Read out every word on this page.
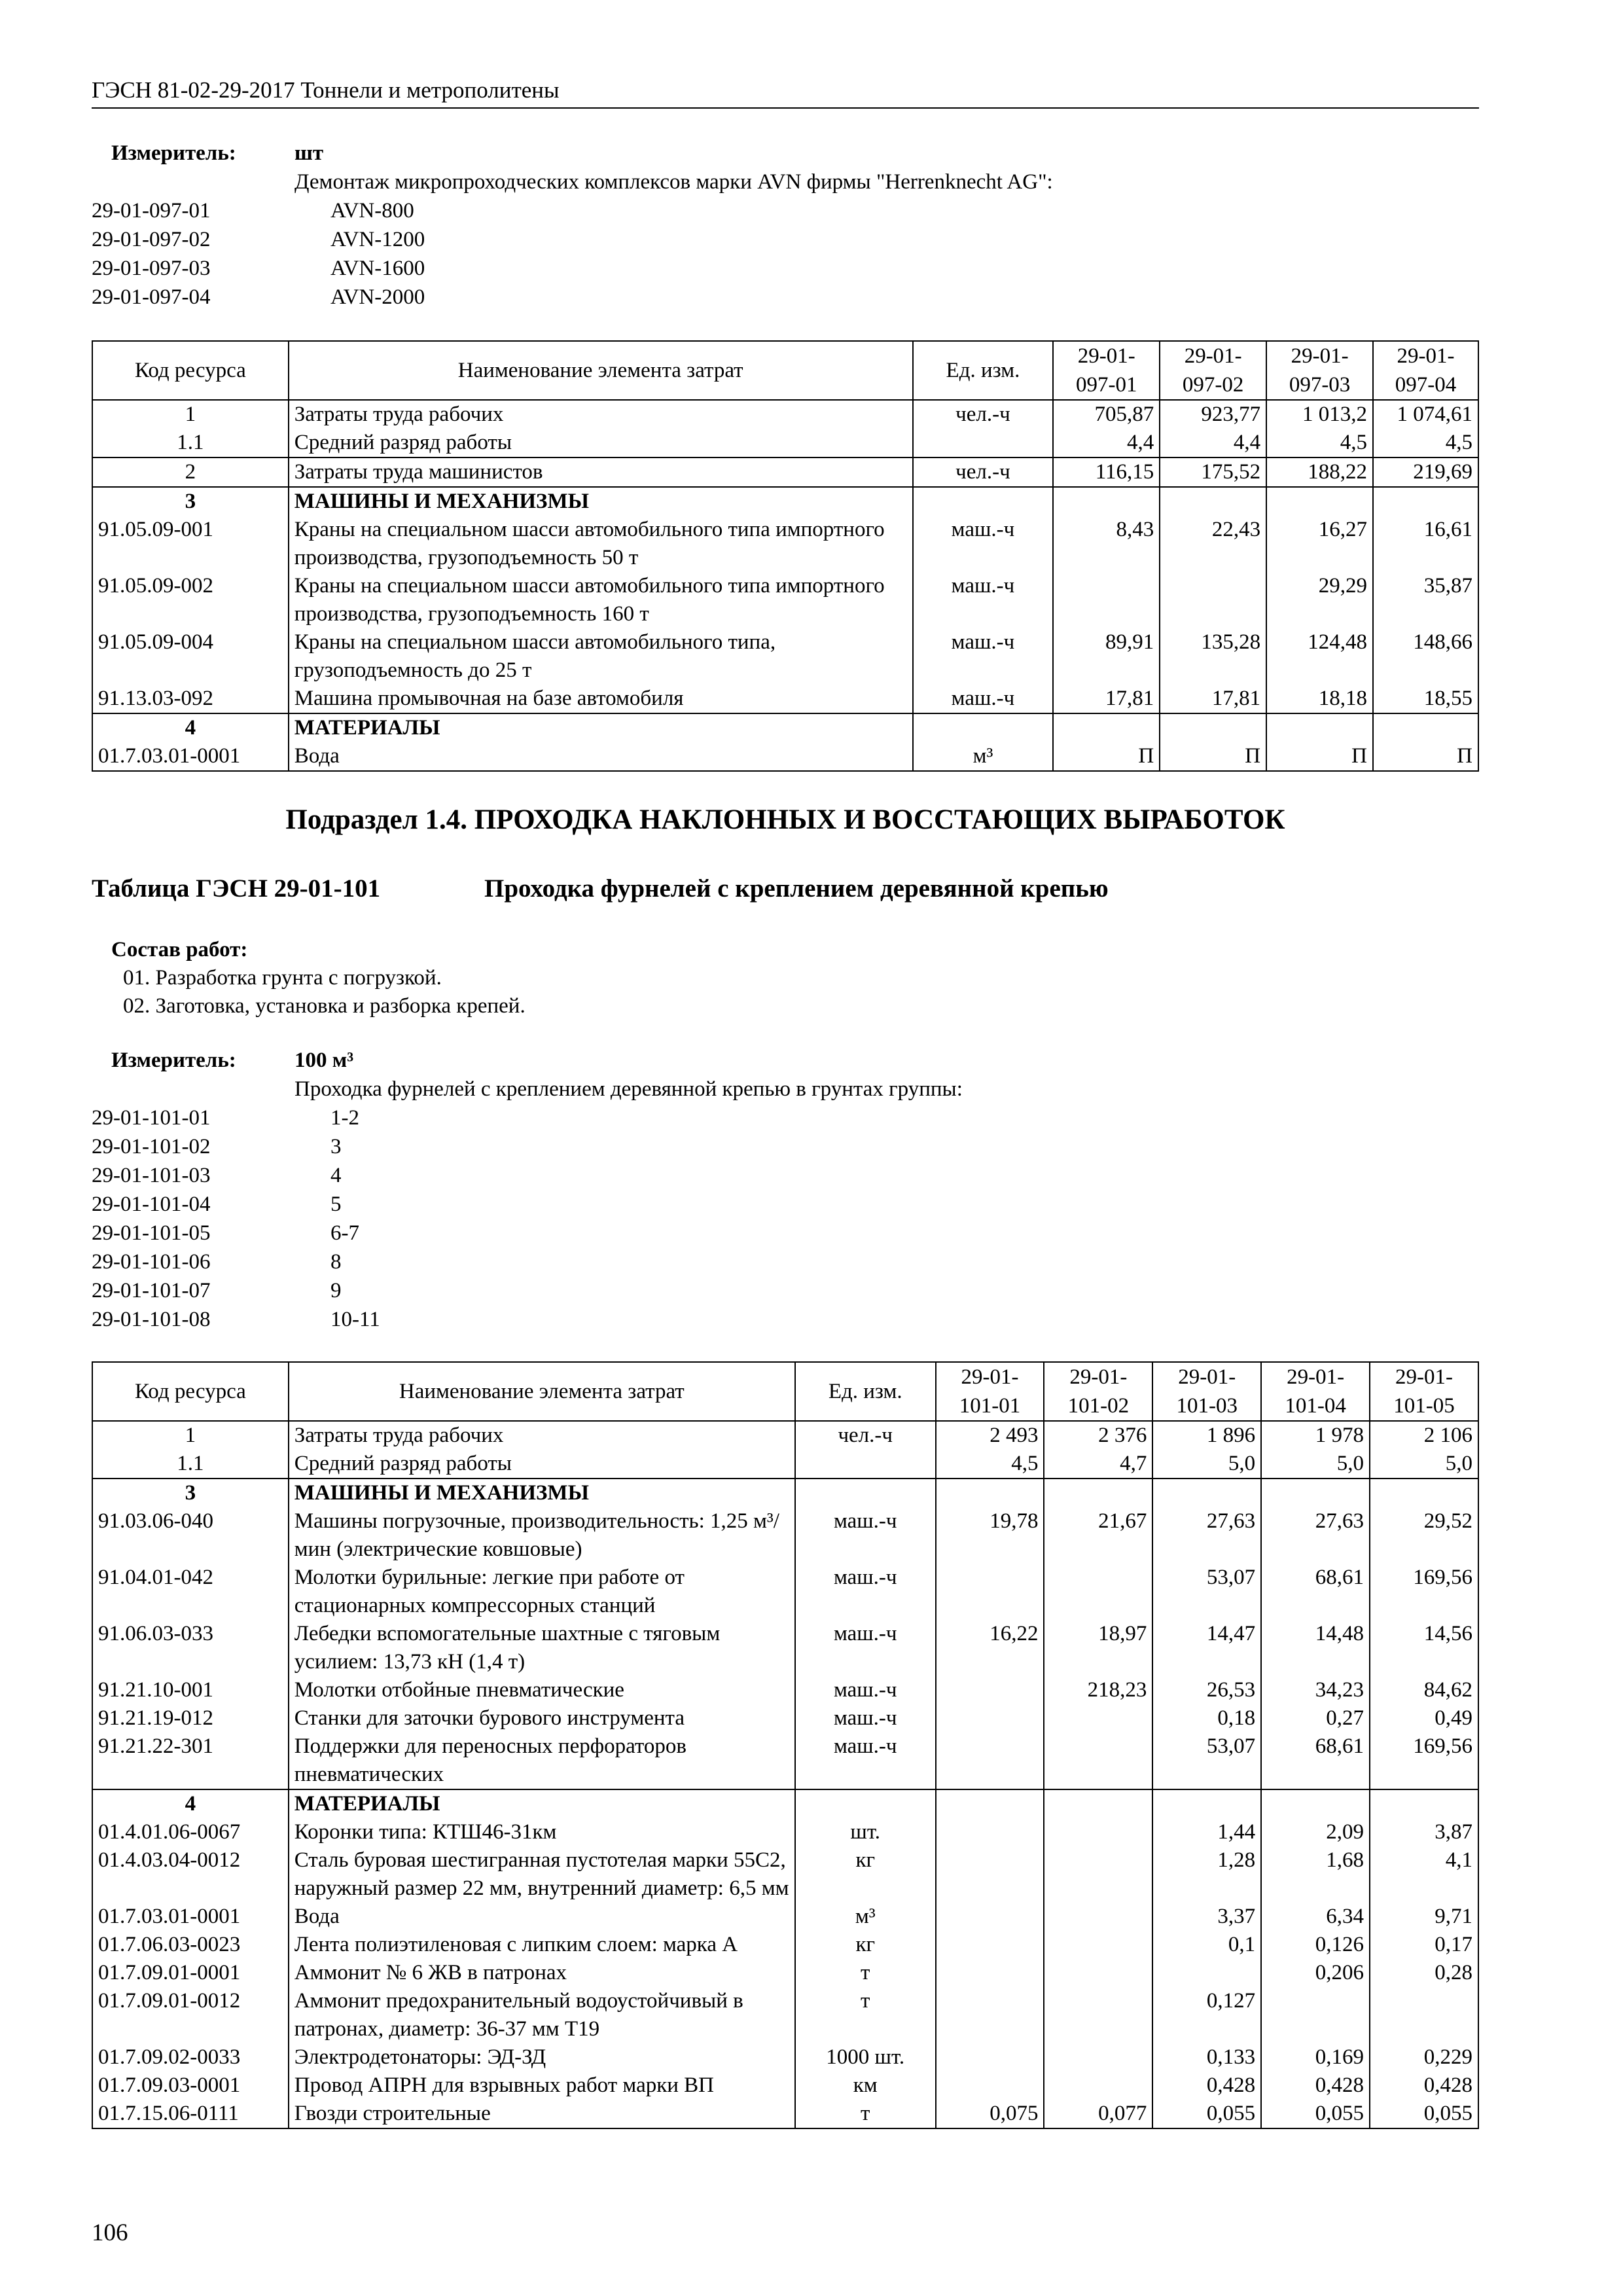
ГЭСН 81-02-29-2017 Тоннели и метрополитены
Измеритель:	шт
Демонтаж микропроходческих комплексов марки AVN фирмы "Herrenknecht AG":
29-01-097-01	AVN-800
29-01-097-02	AVN-1200
29-01-097-03	AVN-1600
29-01-097-04	AVN-2000
Код ресурса	Наименование элемента затрат	Ед. изм.	29-01-097-01	29-01-097-02	29-01-097-03	29-01-097-04
1	Затраты труда рабочих	чел.-ч	705,87	923,77	1 013,2	1 074,61
1.1	Средний разряд работы		4,4	4,4	4,5	4,5
2	Затраты труда машинистов	чел.-ч	116,15	175,52	188,22	219,69
3	МАШИНЫ И МЕХАНИЗМЫ					
91.05.09-001	Краны на специальном шасси автомобильного типа импортного производства, грузоподъемность 50 т	маш.-ч	8,43	22,43	16,27	16,61
91.05.09-002	Краны на специальном шасси автомобильного типа импортного производства, грузоподъемность 160 т	маш.-ч			29,29	35,87
91.05.09-004	Краны на специальном шасси автомобильного типа, грузоподъемность до 25 т	маш.-ч	89,91	135,28	124,48	148,66
91.13.03-092	Машина промывочная на базе автомобиля	маш.-ч	17,81	17,81	18,18	18,55
4	МАТЕРИАЛЫ					
01.7.03.01-0001	Вода	м³	П	П	П	П
Подраздел 1.4. ПРОХОДКА НАКЛОННЫХ И ВОССТАЮЩИХ ВЫРАБОТОК
Таблица ГЭСН 29-01-101	Проходка фурнелей с креплением деревянной крепью
Состав работ:
01. Разработка грунта с погрузкой.
02. Заготовка, установка и разборка крепей.
Измеритель:	100 м³
Проходка фурнелей с креплением деревянной крепью в грунтах группы:
29-01-101-01	1-2
29-01-101-02	3
29-01-101-03	4
29-01-101-04	5
29-01-101-05	6-7
29-01-101-06	8
29-01-101-07	9
29-01-101-08	10-11
Код ресурса	Наименование элемента затрат	Ед. изм.	29-01-101-01	29-01-101-02	29-01-101-03	29-01-101-04	29-01-101-05
1	Затраты труда рабочих	чел.-ч	2 493	2 376	1 896	1 978	2 106
1.1	Средний разряд работы		4,5	4,7	5,0	5,0	5,0
3	МАШИНЫ И МЕХАНИЗМЫ						
91.03.06-040	Машины погрузочные, производительность: 1,25 м³/мин (электрические ковшовые)	маш.-ч	19,78	21,67	27,63	27,63	29,52
91.04.01-042	Молотки бурильные: легкие при работе от стационарных компрессорных станций	маш.-ч			53,07	68,61	169,56
91.06.03-033	Лебедки вспомогательные шахтные с тяговым усилием: 13,73 кН (1,4 т)	маш.-ч	16,22	18,97	14,47	14,48	14,56
91.21.10-001	Молотки отбойные пневматические	маш.-ч		218,23	26,53	34,23	84,62
91.21.19-012	Станки для заточки бурового инструмента	маш.-ч			0,18	0,27	0,49
91.21.22-301	Поддержки для переносных перфораторов пневматических	маш.-ч			53,07	68,61	169,56
4	МАТЕРИАЛЫ						
01.4.01.06-0067	Коронки типа: КТШ46-31км	шт.			1,44	2,09	3,87
01.4.03.04-0012	Сталь буровая шестигранная пустотелая марки 55С2, наружный размер 22 мм, внутренний диаметр: 6,5 мм	кг			1,28	1,68	4,1
01.7.03.01-0001	Вода	м³			3,37	6,34	9,71
01.7.06.03-0023	Лента полиэтиленовая с липким слоем: марка А	кг			0,1	0,126	0,17
01.7.09.01-0001	Аммонит № 6 ЖВ в патронах	т				0,206	0,28
01.7.09.01-0012	Аммонит предохранительный водоустойчивый в патронах, диаметр: 36-37 мм Т19	т			0,127		
01.7.09.02-0033	Электродетонаторы: ЭД-ЗД	1000 шт.			0,133	0,169	0,229
01.7.09.03-0001	Провод АПРН для взрывных работ марки ВП	км			0,428	0,428	0,428
01.7.15.06-0111	Гвозди строительные	т	0,075	0,077	0,055	0,055	0,055
106
